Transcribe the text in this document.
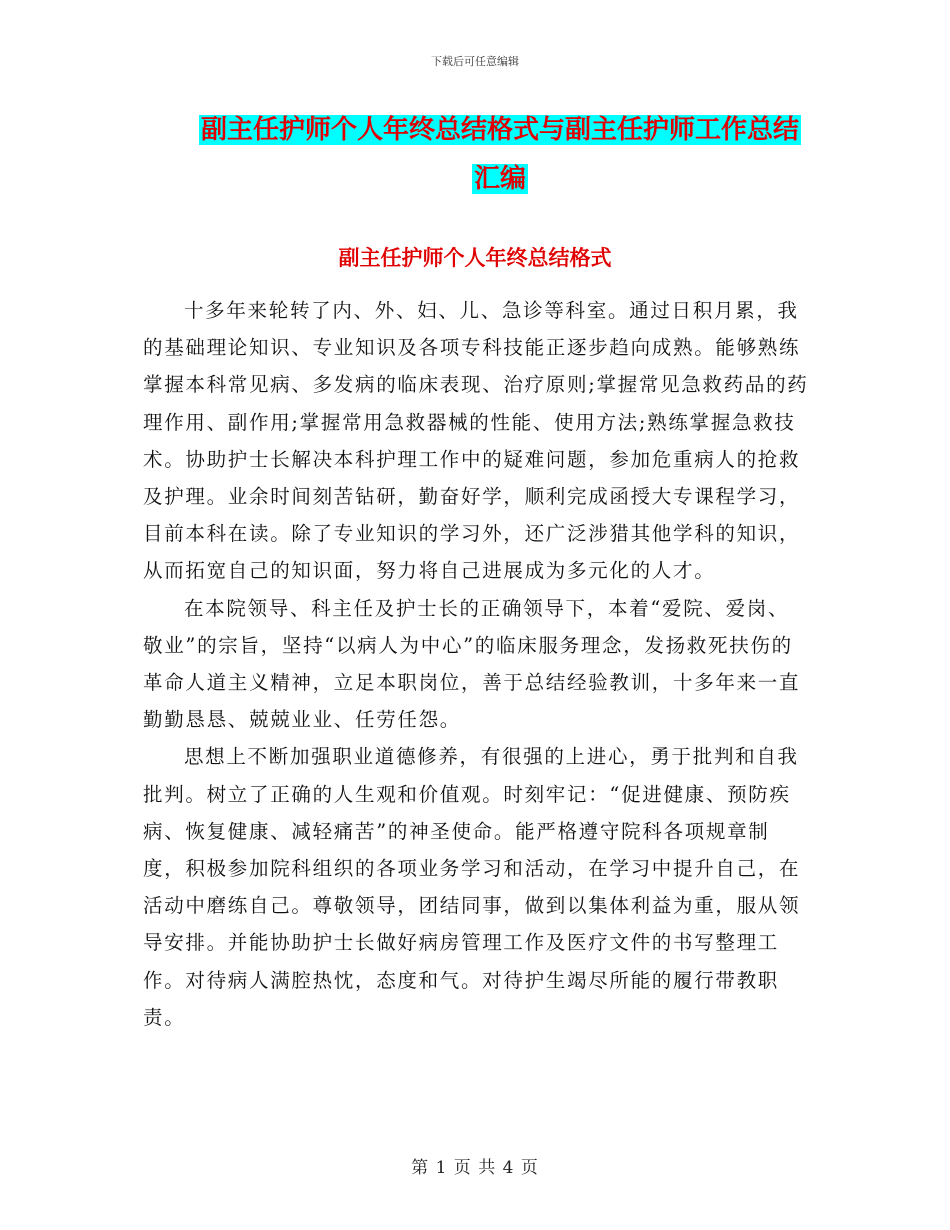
下载后可任意编辑
副主任护师个人年终总结格式与副主任护师工作总结
汇编
副主任护师个人年终总结格式

十多年来轮转了内、外、妇、儿、急诊等科室。通过日积月累，我的基础理论知识、专业知识及各项专科技能正逐步趋向成熟。能够熟练掌握本科常见病、多发病的临床表现、治疗原则;掌握常见急救药品的药理作用、副作用;掌握常用急救器械的性能、使用方法;熟练掌握急救技术。协助护士长解决本科护理工作中的疑难问题，参加危重病人的抢救及护理。业余时间刻苦钻研，勤奋好学，顺利完成函授大专课程学习，目前本科在读。除了专业知识的学习外，还广泛涉猎其他学科的知识，从而拓宽自己的知识面，努力将自己进展成为多元化的人才。

在本院领导、科主任及护士长的正确领导下，本着“爱院、爱岗、敬业”的宗旨，坚持“以病人为中心”的临床服务理念，发扬救死扶伤的革命人道主义精神，立足本职岗位，善于总结经验教训，十多年来一直勤勤恳恳、兢兢业业、任劳任怨。

思想上不断加强职业道德修养，有很强的上进心，勇于批判和自我批判。树立了正确的人生观和价值观。时刻牢记：“促进健康、预防疾病、恢复健康、减轻痛苦”的神圣使命。能严格遵守院科各项规章制度，积极参加院科组织的各项业务学习和活动，在学习中提升自己，在活动中磨练自己。尊敬领导，团结同事，做到以集体利益为重，服从领导安排。并能协助护士长做好病房管理工作及医疗文件的书写整理工作。对待病人满腔热忱，态度和气。对待护生竭尽所能的履行带教职责。

第 1 页 共 4 页
